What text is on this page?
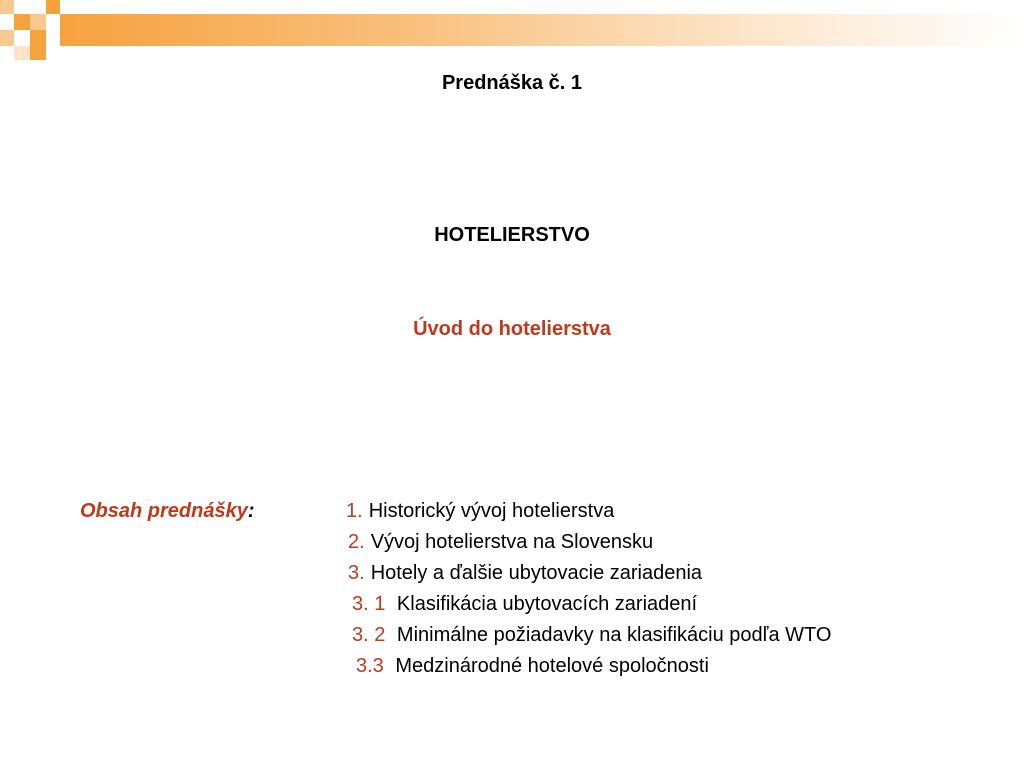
Prednáška č. 1
HOTELIERSTVO
Úvod do hotelierstva
Obsah prednášky:	1. Historický vývoj hotelierstva
2. Vývoj hotelierstva na Slovensku
3. Hotely a ďalšie ubytovacie zariadenia
3. 1 Klasifikácia ubytovacích zariadení
3. 2 Minimálne požiadavky na klasifikáciu podľa WTO
3.3 Medzinárodné hotelové spoločnosti
